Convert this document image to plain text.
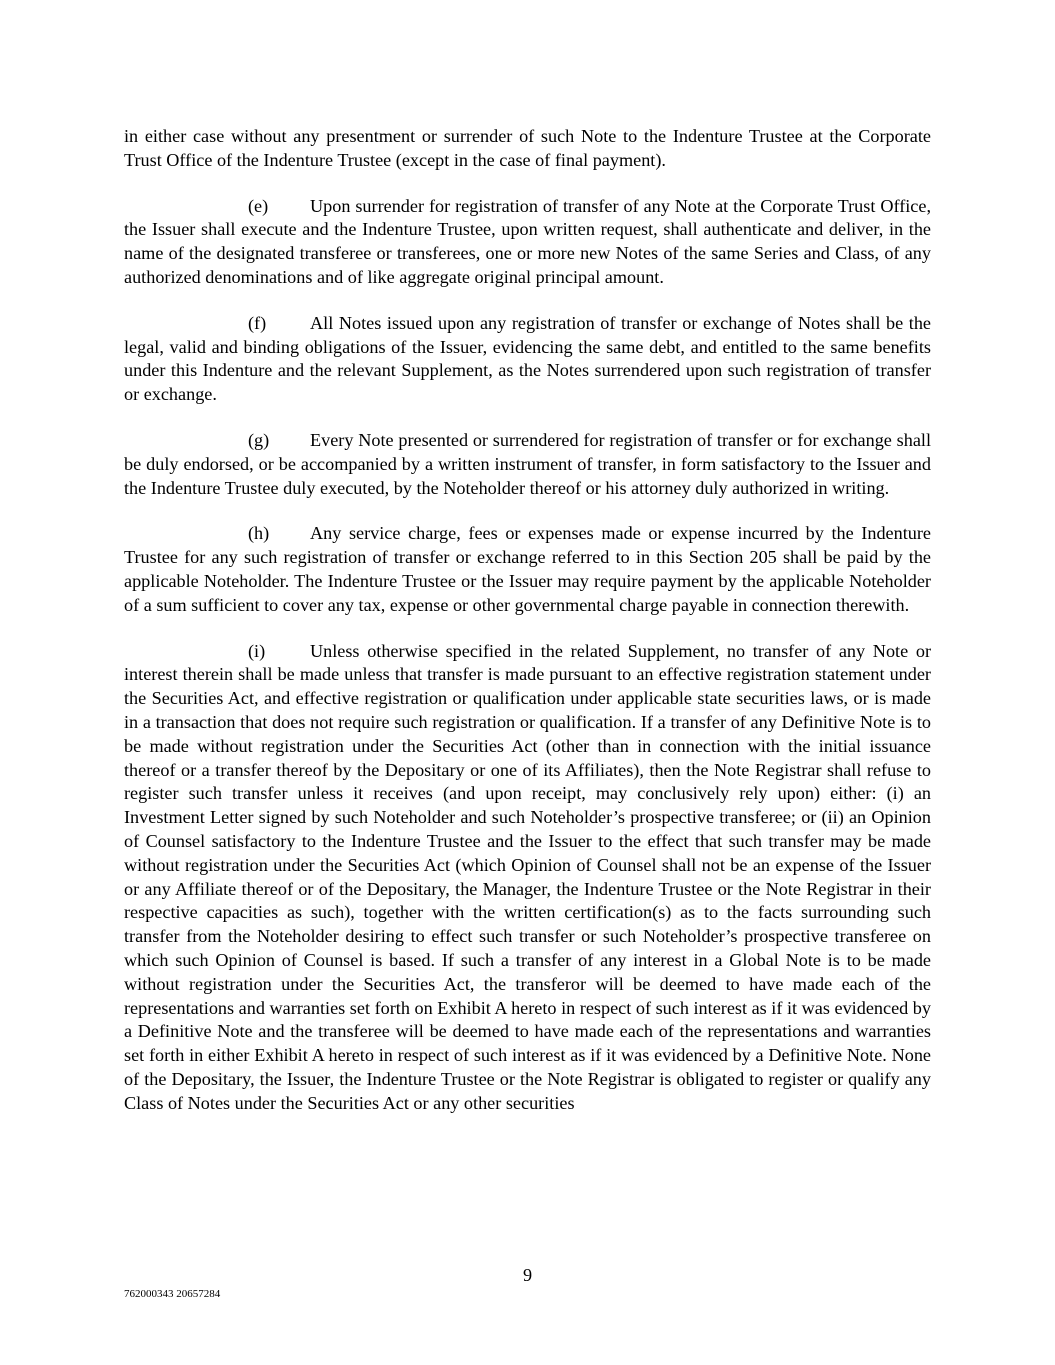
in either case without any presentment or surrender of such Note to the Indenture Trustee at the Corporate Trust Office of the Indenture Trustee (except in the case of final payment).

(e) Upon surrender for registration of transfer of any Note at the Corporate Trust Office, the Issuer shall execute and the Indenture Trustee, upon written request, shall authenticate and deliver, in the name of the designated transferee or transferees, one or more new Notes of the same Series and Class, of any authorized denominations and of like aggregate original principal amount.

(f) All Notes issued upon any registration of transfer or exchange of Notes shall be the legal, valid and binding obligations of the Issuer, evidencing the same debt, and entitled to the same benefits under this Indenture and the relevant Supplement, as the Notes surrendered upon such registration of transfer or exchange.

(g) Every Note presented or surrendered for registration of transfer or for exchange shall be duly endorsed, or be accompanied by a written instrument of transfer, in form satisfactory to the Issuer and the Indenture Trustee duly executed, by the Noteholder thereof or his attorney duly authorized in writing.

(h) Any service charge, fees or expenses made or expense incurred by the Indenture Trustee for any such registration of transfer or exchange referred to in this Section 205 shall be paid by the applicable Noteholder. The Indenture Trustee or the Issuer may require payment by the applicable Noteholder of a sum sufficient to cover any tax, expense or other governmental charge payable in connection therewith.

(i) Unless otherwise specified in the related Supplement, no transfer of any Note or interest therein shall be made unless that transfer is made pursuant to an effective registration statement under the Securities Act, and effective registration or qualification under applicable state securities laws, or is made in a transaction that does not require such registration or qualification. If a transfer of any Definitive Note is to be made without registration under the Securities Act (other than in connection with the initial issuance thereof or a transfer thereof by the Depositary or one of its Affiliates), then the Note Registrar shall refuse to register such transfer unless it receives (and upon receipt, may conclusively rely upon) either: (i) an Investment Letter signed by such Noteholder and such Noteholder’s prospective transferee; or (ii) an Opinion of Counsel satisfactory to the Indenture Trustee and the Issuer to the effect that such transfer may be made without registration under the Securities Act (which Opinion of Counsel shall not be an expense of the Issuer or any Affiliate thereof or of the Depositary, the Manager, the Indenture Trustee or the Note Registrar in their respective capacities as such), together with the written certification(s) as to the facts surrounding such transfer from the Noteholder desiring to effect such transfer or such Noteholder’s prospective transferee on which such Opinion of Counsel is based. If such a transfer of any interest in a Global Note is to be made without registration under the Securities Act, the transferor will be deemed to have made each of the representations and warranties set forth on Exhibit A hereto in respect of such interest as if it was evidenced by a Definitive Note and the transferee will be deemed to have made each of the representations and warranties set forth in either Exhibit A hereto in respect of such interest as if it was evidenced by a Definitive Note. None of the Depositary, the Issuer, the Indenture Trustee or the Note Registrar is obligated to register or qualify any Class of Notes under the Securities Act or any other securities

9
762000343 20657284
